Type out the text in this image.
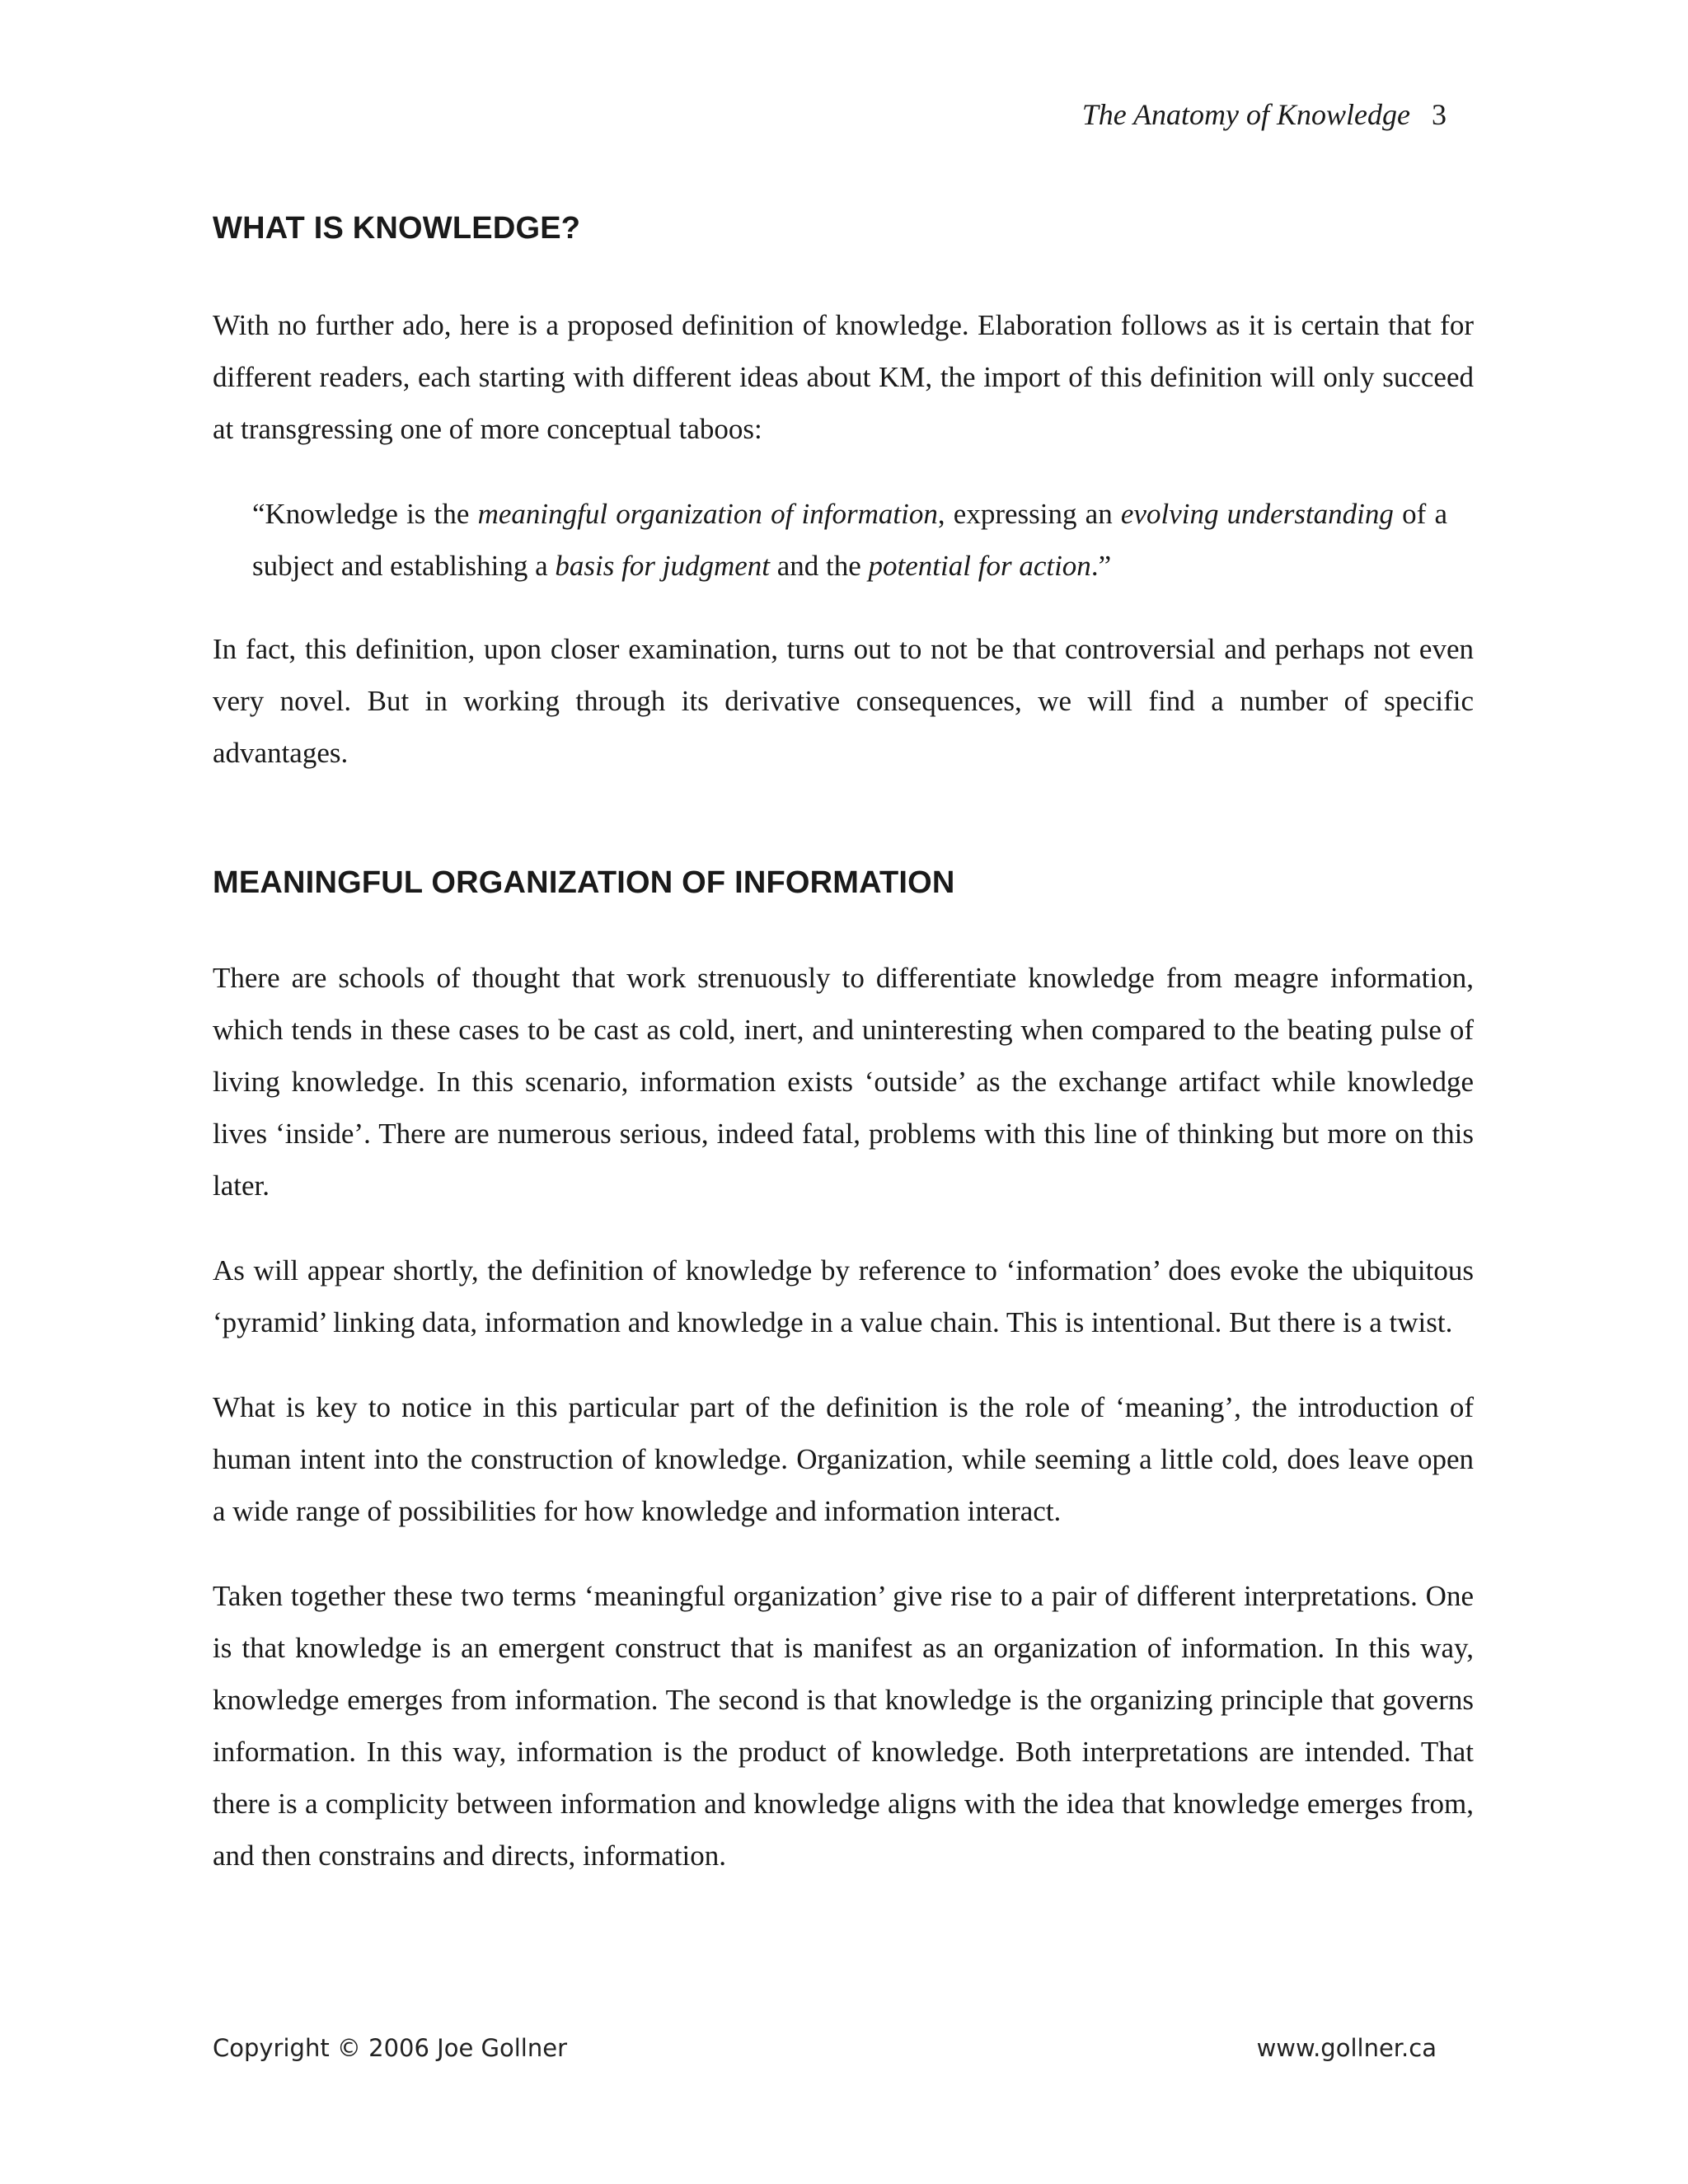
The Anatomy of Knowledge 3
WHAT IS KNOWLEDGE?

With no further ado, here is a proposed definition of knowledge. Elaboration follows as it is certain that for different readers, each starting with different ideas about KM, the import of this definition will only succeed at transgressing one of more conceptual taboos:

“Knowledge is the meaningful organization of information, expressing an evolving understanding of a subject and establishing a basis for judgment and the potential for action.”

In fact, this definition, upon closer examination, turns out to not be that controversial and perhaps not even very novel. But in working through its derivative consequences, we will find a number of specific advantages.

MEANINGFUL ORGANIZATION OF INFORMATION

There are schools of thought that work strenuously to differentiate knowledge from meagre information, which tends in these cases to be cast as cold, inert, and uninteresting when compared to the beating pulse of living knowledge. In this scenario, information exists ‘outside’ as the exchange artifact while knowledge lives ‘inside’. There are numerous serious, indeed fatal, problems with this line of thinking but more on this later.

As will appear shortly, the definition of knowledge by reference to ‘information’ does evoke the ubiquitous ‘pyramid’ linking data, information and knowledge in a value chain. This is intentional. But there is a twist.

What is key to notice in this particular part of the definition is the role of ‘meaning’, the introduction of human intent into the construction of knowledge. Organization, while seeming a little cold, does leave open a wide range of possibilities for how knowledge and information interact.

Taken together these two terms ‘meaningful organization’ give rise to a pair of different interpretations. One is that knowledge is an emergent construct that is manifest as an organization of information. In this way, knowledge emerges from information. The second is that knowledge is the organizing principle that governs information. In this way, information is the product of knowledge. Both interpretations are intended. That there is a complicity between information and knowledge aligns with the idea that knowledge emerges from, and then constrains and directs, information.

Copyright © 2006 Joe Gollner	www.gollner.ca
